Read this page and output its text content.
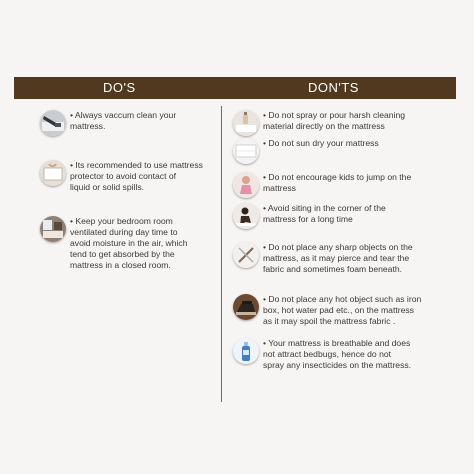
DO'S	DON'TS
• Always vaccum clean your
mattress.
• Its recommended to use mattress
protector to avoid contact of
liquid or solid spills.
• Keep your bedroom room
ventilated during day time to
avoid moisture in the air, which
tend to get absorbed by the
mattress in a closed room.
• Do not spray or pour harsh cleaning
material directly on the mattress
• Do not sun dry your mattress
• Do not encourage kids to jump on the
mattress
• Avoid siting in the corner of the
mattress for a long time
• Do not place any sharp objects on the
mattress, as it may pierce and tear the
fabric and sometimes foam beneath.
• Do not place any hot object such as iron
box, hot water pad etc., on the mattress
as it may spoil the mattress fabric .
• Your mattress is breathable and does
not attract bedbugs, hence do not
spray any insecticides on the mattress.
